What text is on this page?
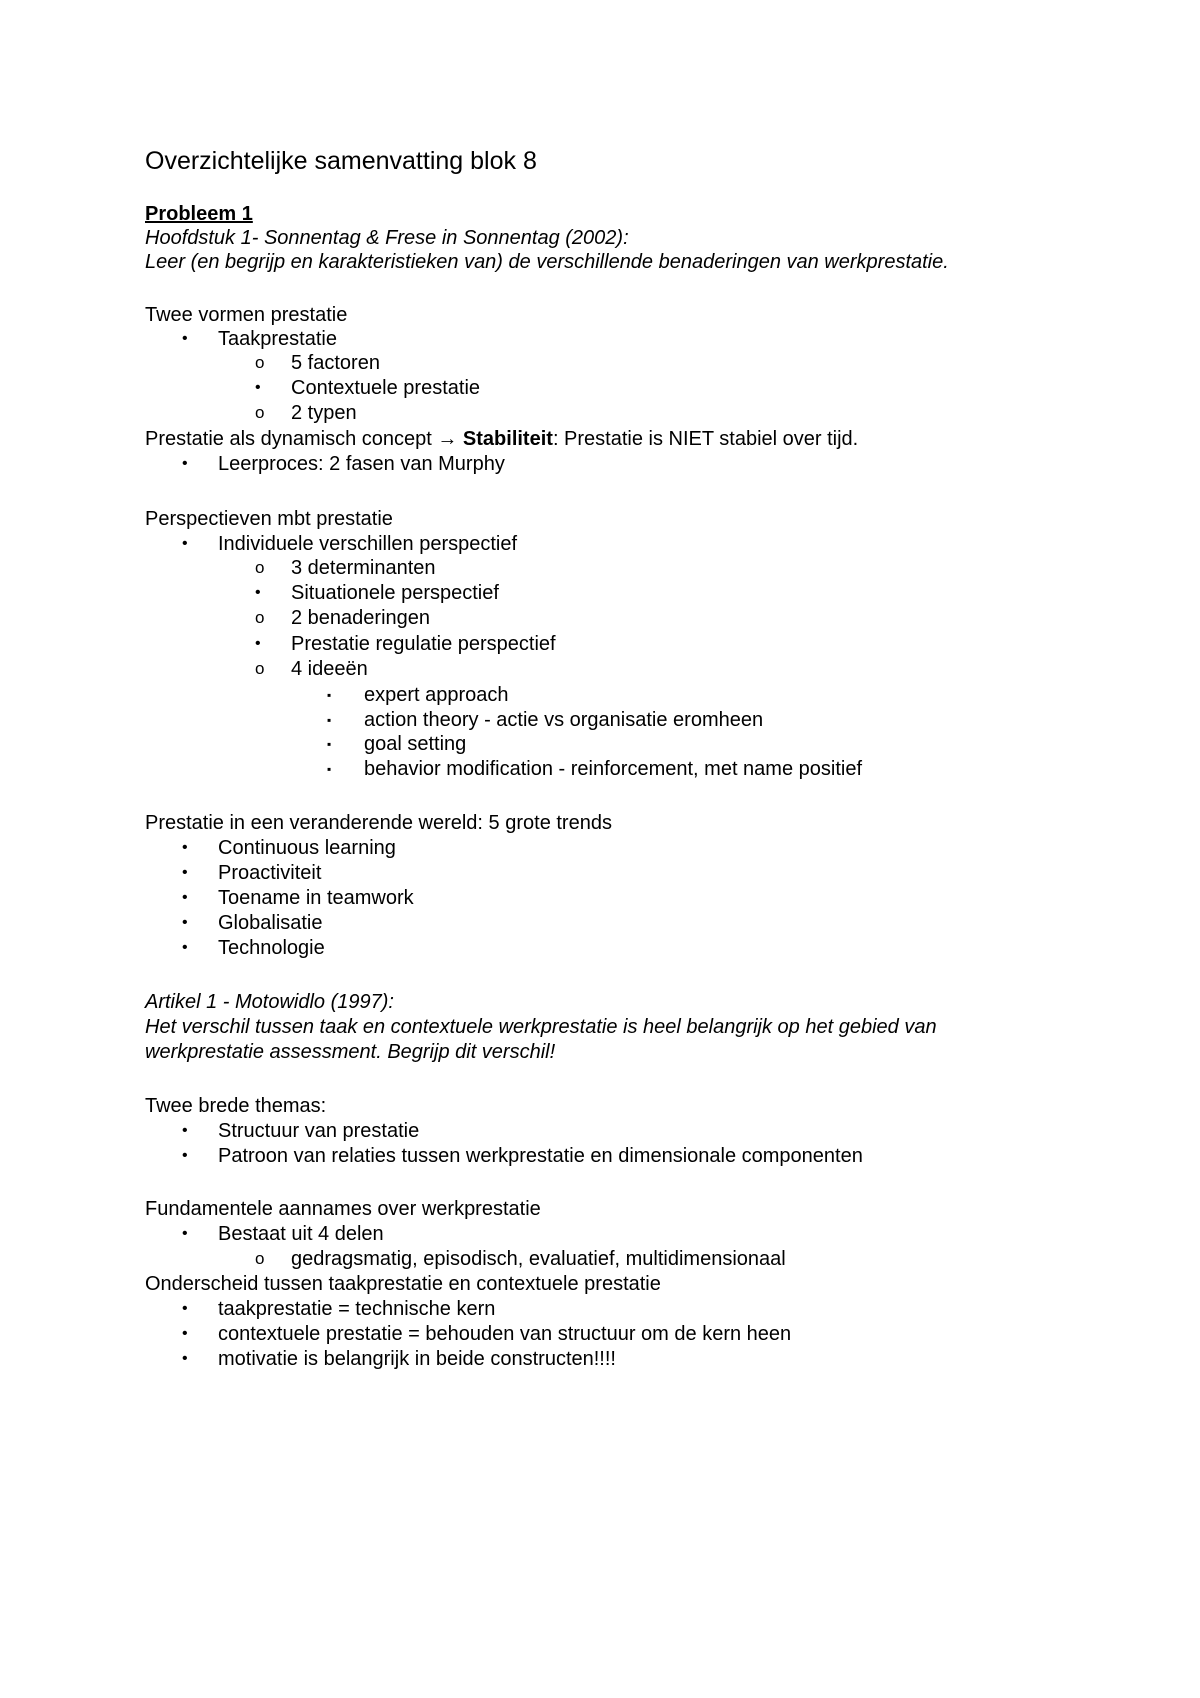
Overzichtelijke samenvatting blok 8
Probleem 1
Hoofdstuk 1- Sonnentag & Frese in Sonnentag (2002):
Leer (en begrijp en karakteristieken van) de verschillende benaderingen van werkprestatie.
Twee vormen prestatie
• Taakprestatie
o 5 factoren
• Contextuele prestatie
o 2 typen
Prestatie als dynamisch concept → Stabiliteit: Prestatie is NIET stabiel over tijd.
• Leerproces: 2 fasen van Murphy
Perspectieven mbt prestatie
• Individuele verschillen perspectief
o 3 determinanten
• Situationele perspectief
o 2 benaderingen
• Prestatie regulatie perspectief
o 4 ideeën
▪ expert approach
▪ action theory - actie vs organisatie eromheen
▪ goal setting
▪ behavior modification - reinforcement, met name positief
Prestatie in een veranderende wereld: 5 grote trends
• Continuous learning
• Proactiviteit
• Toename in teamwork
• Globalisatie
• Technologie
Artikel 1 - Motowidlo (1997):
Het verschil tussen taak en contextuele werkprestatie is heel belangrijk op het gebied van
werkprestatie assessment. Begrijp dit verschil!
Twee brede themas:
• Structuur van prestatie
• Patroon van relaties tussen werkprestatie en dimensionale componenten
Fundamentele aannames over werkprestatie
• Bestaat uit 4 delen
o gedragsmatig, episodisch, evaluatief, multidimensionaal
Onderscheid tussen taakprestatie en contextuele prestatie
• taakprestatie = technische kern
• contextuele prestatie = behouden van structuur om de kern heen
• motivatie is belangrijk in beide constructen!!!!
